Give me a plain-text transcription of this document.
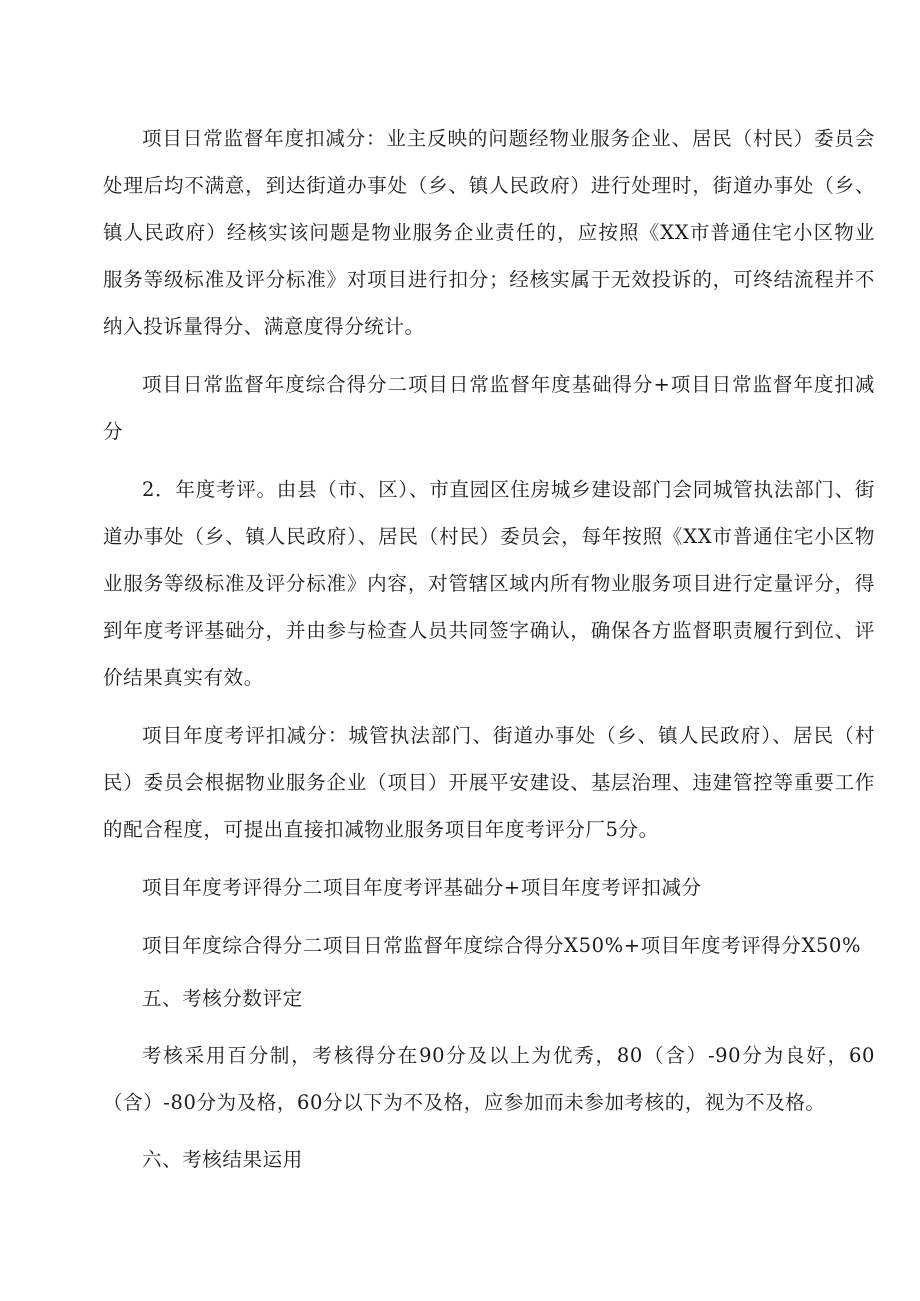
项目日常监督年度扣减分：业主反映的问题经物业服务企业、居民（村民）委员会处理后均不满意，到达街道办事处（乡、镇人民政府）进行处理时，街道办事处（乡、镇人民政府）经核实该问题是物业服务企业责任的，应按照《XX市普通住宅小区物业服务等级标准及评分标准》对项目进行扣分；经核实属于无效投诉的，可终结流程并不纳入投诉量得分、满意度得分统计。

项目日常监督年度综合得分二项目日常监督年度基础得分+项目日常监督年度扣减分

2．年度考评。由县（市、区）、市直园区住房城乡建设部门会同城管执法部门、街道办事处（乡、镇人民政府）、居民（村民）委员会，每年按照《XX市普通住宅小区物业服务等级标准及评分标准》内容，对管辖区域内所有物业服务项目进行定量评分，得到年度考评基础分，并由参与检查人员共同签字确认，确保各方监督职责履行到位、评价结果真实有效。

项目年度考评扣减分：城管执法部门、街道办事处（乡、镇人民政府）、居民（村民）委员会根据物业服务企业（项目）开展平安建设、基层治理、违建管控等重要工作的配合程度，可提出直接扣减物业服务项目年度考评分厂5分。

项目年度考评得分二项目年度考评基础分+项目年度考评扣减分

项目年度综合得分二项目日常监督年度综合得分X50%+项目年度考评得分X50%

五、考核分数评定

考核采用百分制，考核得分在90分及以上为优秀，80（含）-90分为良好，60（含）-80分为及格，60分以下为不及格，应参加而未参加考核的，视为不及格。

六、考核结果运用
